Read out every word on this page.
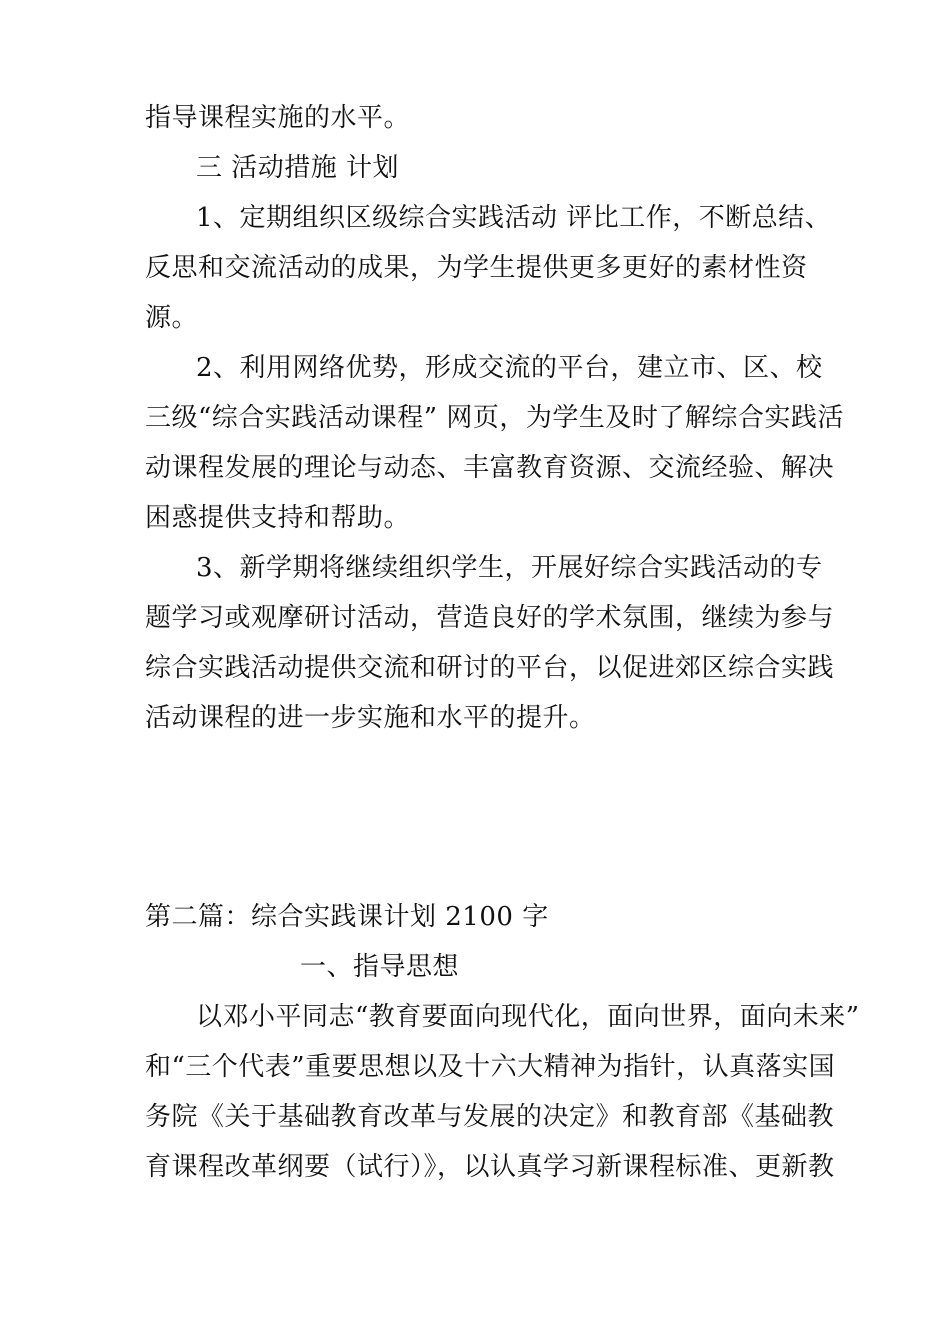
指导课程实施的水平。
三 活动措施 计划
1、定期组织区级综合实践活动 评比工作，不断总结、
反思和交流活动的成果，为学生提供更多更好的素材性资
源。
2、利用网络优势，形成交流的平台，建立市、区、校
三级“综合实践活动课程” 网页，为学生及时了解综合实践活
动课程发展的理论与动态、丰富教育资源、交流经验、解决
困惑提供支持和帮助。
3、新学期将继续组织学生，开展好综合实践活动的专
题学习或观摩研讨活动，营造良好的学术氛围，继续为参与
综合实践活动提供交流和研讨的平台，以促进郊区综合实践
活动课程的进一步实施和水平的提升。
第二篇：综合实践课计划 2100 字
一、指导思想
以邓小平同志“教育要面向现代化，面向世界，面向未来”
和“三个代表”重要思想以及十六大精神为指针，认真落实国
务院《关于基础教育改革与发展的决定》和教育部《基础教
育课程改革纲要（试行）》，以认真学习新课程标准、更新教
